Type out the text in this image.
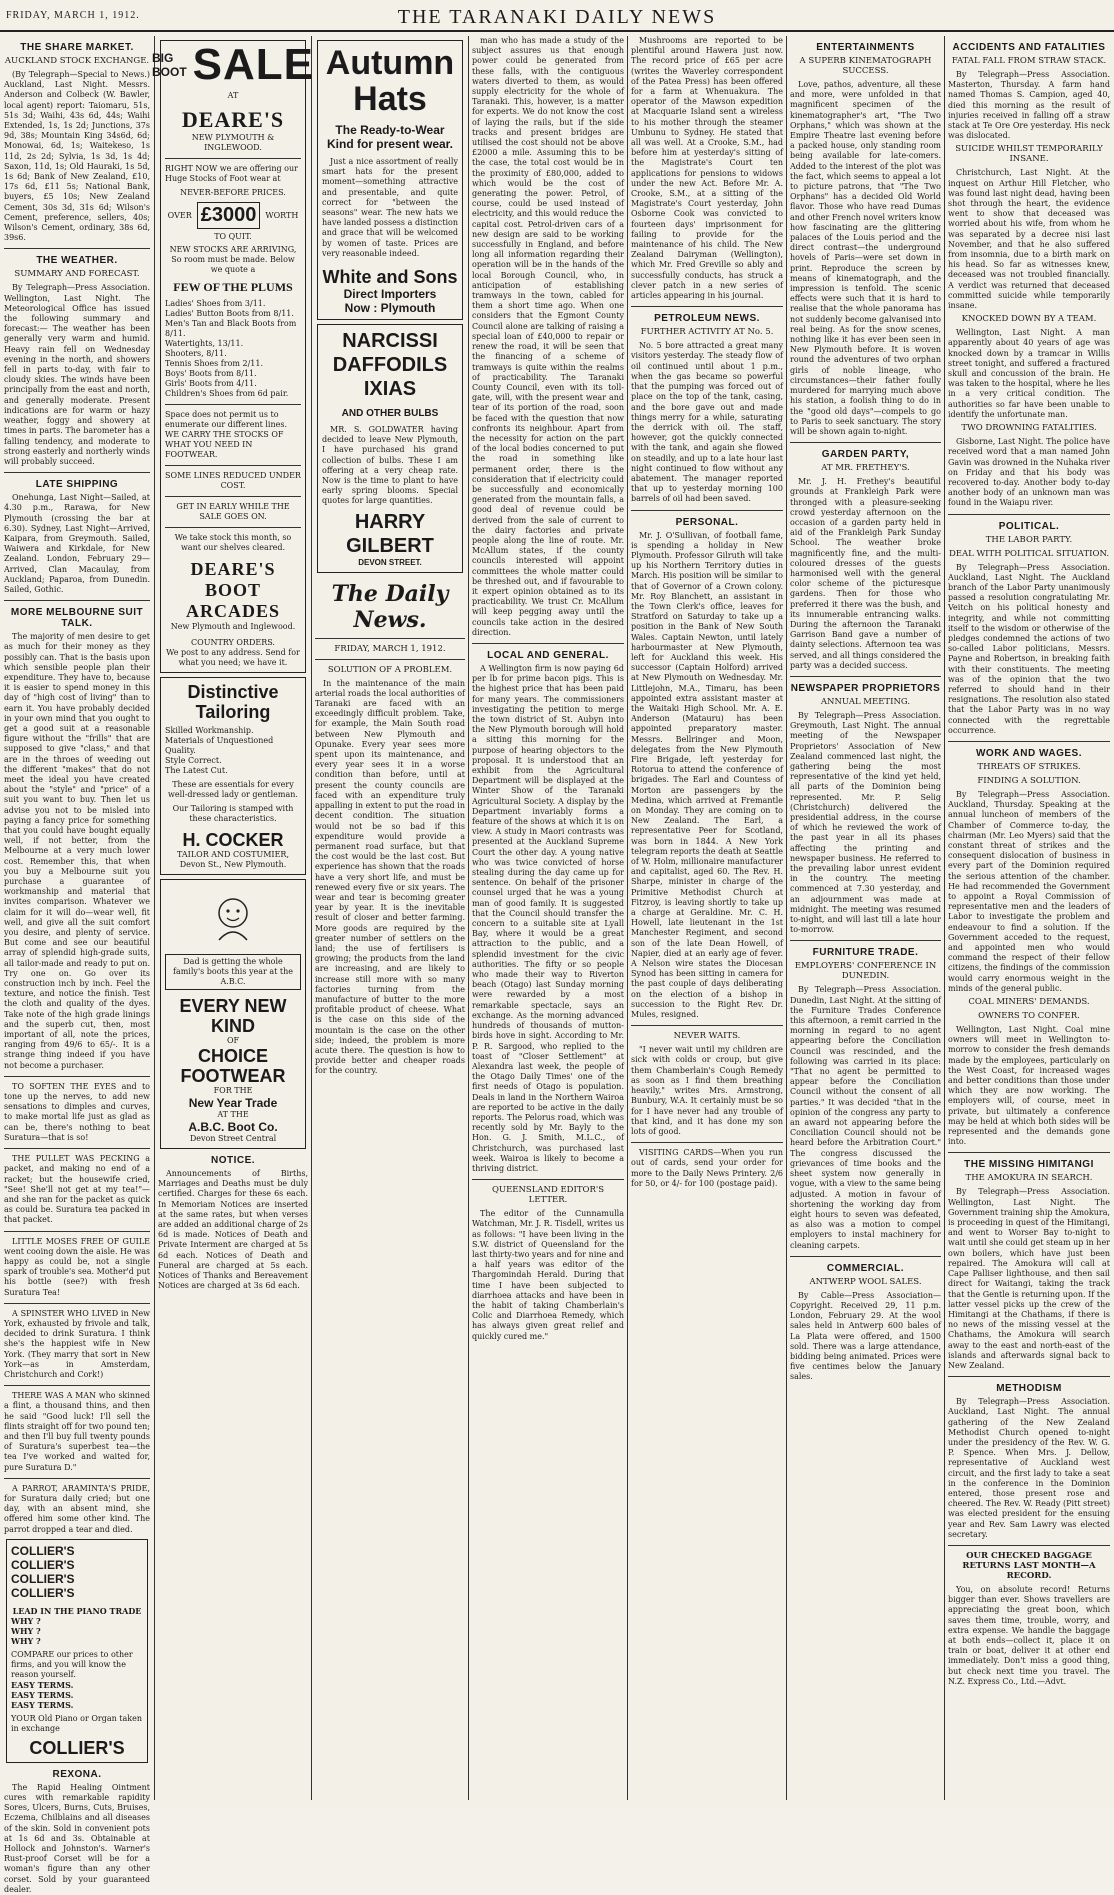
FRIDAY, MARCH 1, 1912.	THE TARANAKI DAILY NEWS
THE SHARE MARKET.
AUCKLAND STOCK EXCHANGE.

(By Telegraph—Special to News.) Auckland, Last Night. Messrs. Anderson and Colbeck (W. Bawler, local agent) report: Taiomaru, 51s, 51s 3d; Waihi, 43s 6d, 44s; Waihi Extended, 1s, 1s 2d; Junctions, 37s 9d, 38s; Mountain King 34s6d, 6d; Monowai, 6d, 1s; Waitekeso, 1s 11d, 2s 2d; Sylvia, 1s 3d, 1s 4d; Saxon, 11d, 1s; Old Hauraki, 1s 5d, 1s 6d; Bank of New Zealand, £10, 17s 6d, £11 5s; National Bank, buyers, £5 10s; New Zealand Cement, 30s 3d, 31s 6d; Wilson's Cement, preference, sellers, 40s; Wilson's Cement, ordinary, 38s 6d, 39s6.

THE WEATHER.
SUMMARY AND FORECAST.

By Telegraph—Press Association. Wellington, Last Night. The Meteorological Office has issued the following summary and forecast:— The weather has been generally very warm and humid. Heavy rain fell on Wednesday evening in the north, and showers fell in parts to-day, with fair to cloudy skies. The winds have been principally from the east and north, and generally moderate. Present indications are for warm or hazy weather, foggy and showery at times in parts. The barometer has a falling tendency, and moderate to strong easterly and northerly winds will probably succeed.

LATE SHIPPING

Onehunga, Last Night—Sailed, at 4.30 p.m., Rarawa, for New Plymouth (crossing the bar at 6.30). Sydney, Last Night—Arrived, Kaipara, from Greymouth. Sailed, Waiwera and Kirkdale, for New Zealand. London, February 29—Arrived, Clan Macaulay, from Auckland; Paparoa, from Dunedin. Sailed, Gothic.

MORE MELBOURNE SUIT TALK.

The majority of men desire to get as much for their money as they possibly can. That is the basis upon which sensible people plan their expenditure. They have to, because it is easier to spend money in this day of "high cost of living" than to earn it. You have probably decided in your own mind that you ought to get a good suit at a reasonable figure without the "frills" that are supposed to give "class," and that are in the throes of weeding out the different "makes" that do not meet the ideal you have created about the "style" and "price" of a suit you want to buy. Then let us advise you not to be misled into paying a fancy price for something that you could have bought equally well, if not better, from the Melbourne at a very much lower cost. Remember this, that when you buy a Melbourne suit you purchase a guarantee of workmanship and material that invites comparison. Whatever we claim for it will do—wear well, fit well, and give all the suit comfort you desire, and plenty of service. But come and see our beautiful array of splendid high-grade suits, all tailor-made and ready to put on. Try one on. Go over its construction inch by inch. Feel the texture, and notice the finish. Test the cloth and quality of the dyes. Take note of the high grade linings and the superb cut, then, most important of all, note the prices, ranging from 49/6 to 65/-. It is a strange thing indeed if you have not become a purchaser.

TO SOFTEN THE EYES and to tone up the nerves, to add new sensations to dimples and curves, to make mortal life just as glad as can be, there's nothing to beat Suratura—that is so!

THE PULLET WAS PECKING a packet, and making no end of a racket; but the housewife cried, "See! She'll not get at my tea!"—and she ran for the packet as quick as could be. Suratura tea packed in that packet.

LITTLE MOSES FREE OF GUILE went cooing down the aisle. He was happy as could be, not a single spark of trouble's sea. Mother'd put his bottle (see?) with fresh Suratura Tea!

A SPINSTER WHO LIVED in New York, exhausted by frivole and talk, decided to drink Suratura. I think she's the happiest wife in New York. (They marry that sort in New York—as in Amsterdam, Christchurch and Cork!)

THERE WAS A MAN who skinned a flint, a thousand thins, and then he said "Good luck! I'll sell the flints straight off for two pound ten; and then I'll buy full twenty pounds of Suratura's superbest tea—the tea I've worked and waited for, pure Suratura D."

A PARROT, ARAMINTA'S PRIDE, for Suratura daily cried; but one day, with an absent mind, she offered him some other kind. The parrot dropped a tear and died.

COLLIER'S
COLLIER'S
COLLIER'S
COLLIER'S
LEAD IN THE PIANO TRADE
WHY ?
WHY ?
WHY ?
COMPARE our prices to other firms, and you will know the reason yourself.
EASY TERMS.
EASY TERMS.
EASY TERMS.
YOUR Old Piano or Organ taken in exchange
COLLIER'S
REXONA.

The Rapid Healing Ointment cures with remarkable rapidity Sores, Ulcers, Burns, Cuts, Bruises, Eczema, Chilblains and all diseases of the skin. Sold in convenient pots at 1s 6d and 3s. Obtainable at Hollock and Johnston's. Warner's Rust-proof Corset will be for a woman's figure than any other corset. Sold by your guaranteed dealer.

BIG
BOOT SALE
AT
DEARE'S
NEW PLYMOUTH & INGLEWOOD.
RIGHT NOW we are offering our Huge Stocks of Foot wear at
NEVER-BEFORE PRICES.
OVER £3000	WORTH
TO QUIT.
NEW STOCKS ARE ARRIVING, So room must be made. Below we quote a
FEW OF THE PLUMS
Ladies' Shoes from 3/11.
Ladies' Button Boots from 8/11.
Men's Tan and Black Boots from 8/11.
Watertights, 13/11.
Shooters, 8/11.
Tennis Shoes from 2/11.
Boys' Boots from 8/11.
Girls' Boots from 4/11.
Children's Shoes from 6d pair.
Space does not permit us to enumerate our different lines. WE CARRY THE STOCKS OF WHAT YOU NEED IN FOOTWEAR.
SOME LINES REDUCED UNDER COST.
GET IN EARLY WHILE THE SALE GOES ON.
We take stock this month, so want our shelves cleared.
DEARE'S BOOT ARCADES
New Plymouth and Inglewood.
COUNTRY ORDERS.
We post to any address. Send for what you need; we have it.
Distinctive Tailoring
Skilled Workmanship.
Materials of Unquestioned Quality.
Style Correct.
The Latest Cut.
These are essentials for every well-dressed lady or gentleman.
Our Tailoring is stamped with these characteristics.
H. COCKER
TAILOR AND COSTUMIER, Devon St., New Plymouth.
Dad is getting the whole family's boots this year at the A.B.C.
EVERY NEW
KIND
OF
CHOICE
FOOTWEAR
FOR THE
New Year Trade
AT THE
A.B.C. Boot Co.
Devon Street Central
NOTICE.

Announcements of Births, Marriages and Deaths must be duly certified. Charges for these 6s each. In Memoriam Notices are inserted at the same rates, but when verses are added an additional charge of 2s 6d is made. Notices of Death and Private Interment are charged at 5s 6d each. Notices of Death and Funeral are charged at 5s each. Notices of Thanks and Bereavement Notices are charged at 3s 6d each.

Autumn
Hats
The Ready-to-Wear Kind for present wear.

Just a nice assortment of really smart hats for the present moment—something attractive and presentable, and quite correct for "between the seasons" wear. The new hats we have landed possess a distinction and grace that will be welcomed by women of taste. Prices are very reasonable indeed.

White and Sons
Direct Importers
Now : Plymouth
NARCISSI
DAFFODILS
IXIAS
AND OTHER BULBS

MR. S. GOLDWATER having decided to leave New Plymouth, I have purchased his grand collection of bulbs. These I am offering at a very cheap rate. Now is the time to plant to have early spring blooms. Special quotes for large quantities.

HARRY GILBERT
DEVON STREET.
The Daily News.
FRIDAY, MARCH 1, 1912.
SOLUTION OF A PROBLEM.

In the maintenance of the main arterial roads the local authorities of Taranaki are faced with an exceedingly difficult problem. Take, for example, the Main South road between New Plymouth and Opunake. Every year sees more spent upon its maintenance, and every year sees it in a worse condition than before, until at present the county councils are faced with an expenditure truly appalling in extent to put the road in decent condition. The situation would not be so bad if this expenditure would provide a permanent road surface, but that the cost would be the last cost. But experience has shown that the roads have a very short life, and must be renewed every five or six years. The wear and tear is becoming greater year by year. It is the inevitable result of closer and better farming. More goods are required by the greater number of settlers on the land; the use of fertilisers is growing; the products from the land are increasing, and are likely to increase still more with so many factories turning from the manufacture of butter to the more profitable product of cheese. What is the case on this side of the mountain is the case on the other side; indeed, the problem is more acute there. The question is how to provide better and cheaper roads for the country.

man who has made a study of the subject assures us that enough power could be generated from these falls, with the contiguous waters diverted to them, as would supply electricity for the whole of Taranaki. This, however, is a matter for experts. We do not know the cost of laying the rails, but if the side tracks and present bridges are utilised the cost should not be above £2000 a mile. Assuming this to be the case, the total cost would be in the proximity of £80,000, added to which would be the cost of generating the power. Petrol, of course, could be used instead of electricity, and this would reduce the capital cost. Petrol-driven cars of a new design are said to be working successfully in England, and before long all information regarding their operation will be in the hands of the local Borough Council, who, in anticipation of establishing tramways in the town, cabled for them a short time ago. When one considers that the Egmont County Council alone are talking of raising a special loan of £40,000 to repair or renew the road, it will be seen that the financing of a scheme of tramways is quite within the realms of practicability. The Taranaki County Council, even with its toll-gate, will, with the present wear and tear of its portion of the road, soon be faced with the question that now confronts its neighbour. Apart from the necessity for action on the part of the local bodies concerned to put the road in something like permanent order, there is the consideration that if electricity could be successfully and economically generated from the mountain falls, a good deal of revenue could be derived from the sale of current to the dairy factories and private people along the line of route. Mr. McAllum states, if the county councils interested will appoint committees the whole matter could be threshed out, and if favourable to it expert opinion obtained as to its practicability. We trust Cr. McAllum will keep pegging away until the councils take action in the desired direction.

LOCAL AND GENERAL.

A Wellington firm is now paying 6d per lb for prime bacon pigs. This is the highest price that has been paid for many years. The commissioners investigating the petition to merge the town district of St. Aubyn into the New Plymouth borough will hold a sitting this morning for the purpose of hearing objectors to the proposal. It is understood that an exhibit from the Agricultural Department will be displayed at the Winter Show of the Taranaki Agricultural Society. A display by the Department invariably forms a feature of the shows at which it is on view. A study in Maori contrasts was presented at the Auckland Supreme Court the other day. A young native who was twice convicted of horse stealing during the day came up for sentence. On behalf of the prisoner counsel urged that he was a young man of good family. It is suggested that the Council should transfer the concern to a suitable site at Lyall Bay, where it would be a great attraction to the public, and a splendid investment for the civic authorities. The fifty or so people who made their way to Riverton beach (Otago) last Sunday morning were rewarded by a most remarkable spectacle, says an exchange. As the morning advanced hundreds of thousands of mutton-birds hove in sight. According to Mr. P. R. Sargood, who replied to the toast of "Closer Settlement" at Alexandra last week, the people of the Otago Daily Times' one of the first needs of Otago is population. Deals in land in the Northern Wairoa are reported to be active in the daily reports. The Pelorus road, which was recently sold by Mr. Bayly to the Hon. G. J. Smith, M.L.C., of Christchurch, was purchased last week. Wairoa is likely to become a thriving district.

QUEENSLAND EDITOR'S LETTER.

The editor of the Cunnamulla Watchman, Mr. J. R. Tisdell, writes us as follows: "I have been living in the S.W. district of Queensland for the last thirty-two years and for nine and a half years was editor of the Thargomindah Herald. During that time I have been subjected to diarrhoea attacks and have been in the habit of taking Chamberlain's Colic and Diarrhoea Remedy, which has always given great relief and quickly cured me."

Mushrooms are reported to be plentiful around Hawera just now. The record price of £65 per acre (writes the Waverley correspondent of the Patea Press) has been offered for a farm at Whenuakura. The operator of the Mawson expedition at Macquarie Island sent a wireless to his mother through the steamer Umbunu to Sydney. He stated that all was well. At a Crooke, S.M., had before him at yesterday's sitting of the Magistrate's Court ten applications for pensions to widows under the new Act. Before Mr. A. Crooke, S.M., at a sitting of the Magistrate's Court yesterday, John Osborne Cook was convicted to fourteen days' imprisonment for failing to provide for the maintenance of his child. The New Zealand Dairyman (Wellington), which Mr. Fred Greville so ably and successfully conducts, has struck a clever patch in a new series of articles appearing in his journal.

PETROLEUM NEWS.
FURTHER ACTIVITY AT No. 5.

No. 5 bore attracted a great many visitors yesterday. The steady flow of oil continued until about 1 p.m., when the gas became so powerful that the pumping was forced out of place on the top of the tank, casing, and the bore gave out and made things merry for a while, saturating the derrick with oil. The staff, however, got the quickly connected with the tank, and again she flowed on steadily, and up to a late hour last night continued to flow without any abatement. The manager reported that up to yesterday morning 100 barrels of oil had been saved.

PERSONAL.

Mr. J. O'Sullivan, of football fame, is spending a holiday in New Plymouth. Professor Gilruth will take up his Northern Territory duties in March. His position will be similar to that of Governor of a Crown colony. Mr. Roy Blanchett, an assistant in the Town Clerk's office, leaves for Stratford on Saturday to take up a position in the Bank of New South Wales. Captain Newton, until lately harbourmaster at New Plymouth, left for Auckland this week. His successor (Captain Holford) arrived at New Plymouth on Wednesday. Mr. Littlejohn, M.A., Timaru, has been appointed extra assistant master at the Waitaki High School. Mr. A. E. Anderson (Matauru) has been appointed preparatory master. Messrs. Bellringer and Moon, delegates from the New Plymouth Fire Brigade, left yesterday for Rotorua to attend the conference of brigades. The Earl and Countess of Morton are passengers by the Medina, which arrived at Fremantle on Monday. They are coming on to New Zealand. The Earl, a representative Peer for Scotland, was born in 1844. A New York telegram reports the death at Seattle of W. Holm, millionaire manufacturer and capitalist, aged 60. The Rev. H. Sharpe, minister in charge of the Primitive Methodist Church at Fitzroy, is leaving shortly to take up a charge at Geraldine. Mr. C. H. Howell, late lieutenant in the 1st Manchester Regiment, and second son of the late Dean Howell, of Napier, died at an early age of fever. A Nelson wire states the Diocesan Synod has been sitting in camera for the past couple of days deliberating on the election of a bishop in succession to the Right Rev. Dr. Mules, resigned.

NEVER WAITS.

"I never wait until my children are sick with colds or croup, but give them Chamberlain's Cough Remedy as soon as I find them breathing heavily," writes Mrs. Armstrong, Bunbury, W.A. It certainly must be so for I have never had any trouble of that kind, and it has done my son lots of good.

VISITING CARDS—When you run out of cards, send your order for more to the Daily News Printery. 2/6 for 50, or 4/- for 100 (postage paid).

ENTERTAINMENTS
A SUPERB KINEMATOGRAPH SUCCESS.

Love, pathos, adventure, all these and more, were unfolded in that magnificent specimen of the kinematographer's art, "The Two Orphans," which was shown at the Empire Theatre last evening before a packed house, only standing room being available for late-comers. Added to the interest of the plot was the fact, which seems to appeal a lot to picture patrons, that "The Two Orphans" has a decided Old World flavor. Those who have read Dumas and other French novel writers know how fascinating are the glittering palaces of the Louis period and the direct contrast—the underground hovels of Paris—were set down in print. Reproduce the screen by means of kinematograph, and the impression is tenfold. The scenic effects were such that it is hard to realise that the whole panorama has not suddenly become galvanised into real being. As for the snow scenes, nothing like it has ever been seen in New Plymouth before. It is woven round the adventures of two orphan girls of noble lineage, who circumstances—their father foully murdered for marrying much above his station, a foolish thing to do in the "good old days"—compels to go to Paris to seek sanctuary. The story will be shown again to-night.

GARDEN PARTY,
AT MR. FRETHEY'S.

Mr. J. H. Frethey's beautiful grounds at Frankleigh Park were thronged with a pleasure-seeking crowd yesterday afternoon on the occasion of a garden party held in aid of the Frankleigh Park Sunday School. The weather broke magnificently fine, and the multi-coloured dresses of the guests harmonised well with the general color scheme of the picturesque gardens. Then for those who preferred it there was the bush, and its innumerable entrancing walks. During the afternoon the Taranaki Garrison Band gave a number of dainty selections. Afternoon tea was served, and all things considered the party was a decided success.

NEWSPAPER PROPRIETORS
ANNUAL MEETING.

By Telegraph—Press Association. Greymouth, Last Night. The annual meeting of the Newspaper Proprietors' Association of New Zealand commenced last night, the gathering being the most representative of the kind yet held, all parts of the Dominion being represented. Mr. P. Selig (Christchurch) delivered the presidential address, in the course of which he reviewed the work of the past year in all its phases affecting the printing and newspaper business. He referred to the prevailing labor unrest evident in the country. The meeting commenced at 7.30 yesterday, and an adjournment was made at midnight. The meeting was resumed to-night, and will last till a late hour to-morrow.

FURNITURE TRADE.
EMPLOYERS' CONFERENCE IN DUNEDIN.

By Telegraph—Press Association. Dunedin, Last Night. At the sitting of the Furniture Trades Conference this afternoon, a remit carried in the morning in regard to no agent appearing before the Conciliation Council was rescinded, and the following was carried in its place: "That no agent be permitted to appear before the Conciliation Council without the consent of all parties." It was decided "that in the opinion of the congress any party to an award not appearing before the Conciliation Council should not be heard before the Arbitration Court." The congress discussed the grievances of time books and the sheet system now generally in vogue, with a view to the same being adjusted. A motion in favour of shortening the working day from eight hours to seven was defeated, as also was a motion to compel employers to instal machinery for cleaning carpets.

COMMERCIAL.
ANTWERP WOOL SALES.

By Cable—Press Association—Copyright. Received 29, 11 p.m. London, February 29. At the wool sales held in Antwerp 600 bales of La Plata were offered, and 1500 sold. There was a large attendance, bidding being animated. Prices were five centimes below the January sales.

ACCIDENTS AND FATALITIES
FATAL FALL FROM STRAW STACK.

By Telegraph—Press Association. Masterton, Thursday. A farm hand named Thomas S. Campion, aged 40, died this morning as the result of injuries received in falling off a straw stack at Te Ore Ore yesterday. His neck was dislocated.

SUICIDE WHILST TEMPORARILY INSANE.

Christchurch, Last Night. At the inquest on Arthur Hill Fletcher, who was found last night dead, having been shot through the heart, the evidence went to show that deceased was worried about his wife, from whom he was separated by a decree nisi last November, and that he also suffered from insomnia, due to a birth mark on his head. So far as witnesses knew, deceased was not troubled financially. A verdict was returned that deceased committed suicide while temporarily insane.

KNOCKED DOWN BY A TEAM.

Wellington, Last Night. A man apparently about 40 years of age was knocked down by a tramcar in Willis street tonight, and suffered a fractured skull and concussion of the brain. He was taken to the hospital, where he lies in a very critical condition. The authorities so far have been unable to identify the unfortunate man.

TWO DROWNING FATALITIES.

Gisborne, Last Night. The police have received word that a man named John Gavin was drowned in the Nuhaka river on Friday and that his body was recovered to-day. Another body to-day another body of an unknown man was found in the Waiapu river.

POLITICAL.
THE LABOR PARTY.
DEAL WITH POLITICAL SITUATION.

By Telegraph—Press Association. Auckland, Last Night. The Auckland branch of the Labor Party unanimously passed a resolution congratulating Mr. Veitch on his political honesty and integrity, and while not committing itself to the wisdom or otherwise of the pledges condemned the actions of two so-called Labor politicians, Messrs. Payne and Robertson, in breaking faith with their constituents. The meeting was of the opinion that the two referred to should hand in their resignations. The resolution also stated that the Labor Party was in no way connected with the regrettable occurrence.

WORK AND WAGES.
THREATS OF STRIKES.
FINDING A SOLUTION.

By Telegraph—Press Association. Auckland, Thursday. Speaking at the annual luncheon of members of the Chamber of Commerce to-day, the chairman (Mr. Leo Myers) said that the constant threat of strikes and the consequent dislocation of business in every part of the Dominion required the serious attention of the chamber. He had recommended the Government to appoint a Royal Commission of representative men and the leaders of Labor to investigate the problem and endeavour to find a solution. If the Government acceded to the request, and appointed men who would command the respect of their fellow citizens, the findings of the commission would carry enormous weight in the minds of the general public.

COAL MINERS' DEMANDS.
OWNERS TO CONFER.

Wellington, Last Night. Coal mine owners will meet in Wellington to-morrow to consider the fresh demands made by the employees, particularly on the West Coast, for increased wages and better conditions than those under which they are now working. The employers will, of course, meet in private, but ultimately a conference may be held at which both sides will be represented and the demands gone into.

THE MISSING HIMITANGI
THE AMOKURA IN SEARCH.

By Telegraph—Press Association. Wellington, Last Night. The Government training ship the Amokura, is proceeding in quest of the Himitangi, and went to Worser Bay to-night to wait until she could get steam up in her own boilers, which have just been repaired. The Amokura will call at Cape Palliser lighthouse, and then sail direct for Waitangi, taking the track that the Gentle is returning upon. If the latter vessel picks up the crew of the Himitangi at the Chathams, if there is no news of the missing vessel at the Chathams, the Amokura will search away to the east and north-east of the islands and afterwards signal back to New Zealand.

METHODISM

By Telegraph—Press Association. Auckland, Last Night. The annual gathering of the New Zealand Methodist Church opened to-night under the presidency of the Rev. W. G. P. Spence. When Mrs. J. Dellow, representative of Auckland west circuit, and the first lady to take a seat in the conference in the Dominion entered, those present rose and cheered. The Rev. W. Ready (Pitt street) was elected president for the ensuing year and Rev. Sam Lawry was elected secretary.

OUR CHECKED BAGGAGE RETURNS LAST MONTH—A RECORD.

You, on absolute record! Returns bigger than ever. Shows travellers are appreciating the great boon, which saves them time, trouble, worry, and extra expense. We handle the baggage at both ends—collect it, place it on train or boat, deliver it at other end immediately. Don't miss a good thing, but check next time you travel. The N.Z. Express Co., Ltd.—Advt.
